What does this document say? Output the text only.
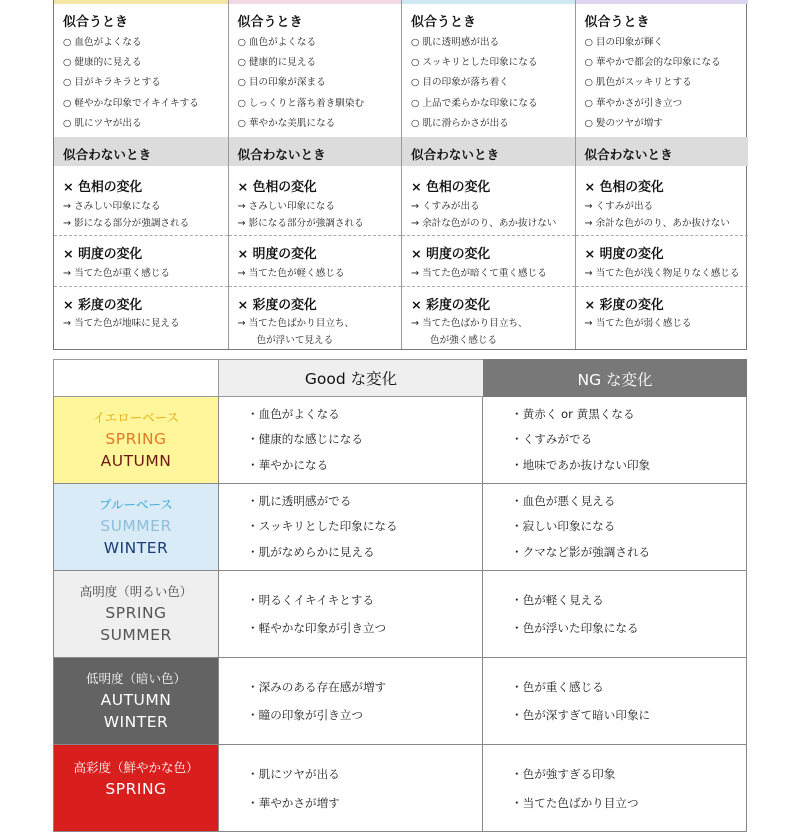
似合うとき
○ 血色がよくなる
○ 健康的に見える
○ 目がキラキラとする
○ 軽やかな印象でイキイキする
○ 肌にツヤが出る
似合わないとき
× 色相の変化
→ さみしい印象になる
→ 影になる部分が強調される
× 明度の変化
→ 当てた色が重く感じる
× 彩度の変化
→ 当てた色が地味に見える
似合うとき
○ 血色がよくなる
○ 健康的に見える
○ 目の印象が深まる
○ しっくりと落ち着き馴染む
○ 華やかな美肌になる
似合わないとき
× 色相の変化
→ さみしい印象になる
→ 影になる部分が強調される
× 明度の変化
→ 当てた色が軽く感じる
× 彩度の変化
→ 当てた色ばかり目立ち、
色が浮いて見える
似合うとき
○ 肌に透明感が出る
○ スッキリとした印象になる
○ 目の印象が落ち着く
○ 上品で柔らかな印象になる
○ 肌に滑らかさが出る
似合わないとき
× 色相の変化
→ くすみが出る
→ 余計な色がのり、あか抜けない
× 明度の変化
→ 当てた色が暗くて重く感じる
× 彩度の変化
→ 当てた色ばかり目立ち、
色が強く感じる
似合うとき
○ 目の印象が輝く
○ 華やかで都会的な印象になる
○ 肌色がスッキリとする
○ 華やかさが引き立つ
○ 髪のツヤが増す
似合わないとき
× 色相の変化
→ くすみが出る
→ 余計な色がのり、あか抜けない
× 明度の変化
→ 当てた色が浅く物足りなく感じる
× 彩度の変化
→ 当てた色が弱く感じる
Good な変化	NG な変化
イエローベース
SPRING
AUTUMN
・血色がよくなる
・健康的な感じになる
・華やかになる
・黄赤く or 黄黒くなる
・くすみがでる
・地味であか抜けない印象
ブルーベース
SUMMER
WINTER
・肌に透明感がでる
・スッキリとした印象になる
・肌がなめらかに見える
・血色が悪く見える
・寂しい印象になる
・クマなど影が強調される
高明度（明るい色）
SPRING
SUMMER
・明るくイキイキとする
・軽やかな印象が引き立つ
・色が軽く見える
・色が浮いた印象になる
低明度（暗い色）
AUTUMN
WINTER
・深みのある存在感が増す
・瞳の印象が引き立つ
・色が重く感じる
・色が深すぎて暗い印象に
高彩度（鮮やかな色）
SPRING
・肌にツヤが出る
・華やかさが増す
・色が強すぎる印象
・当てた色ばかり目立つ
